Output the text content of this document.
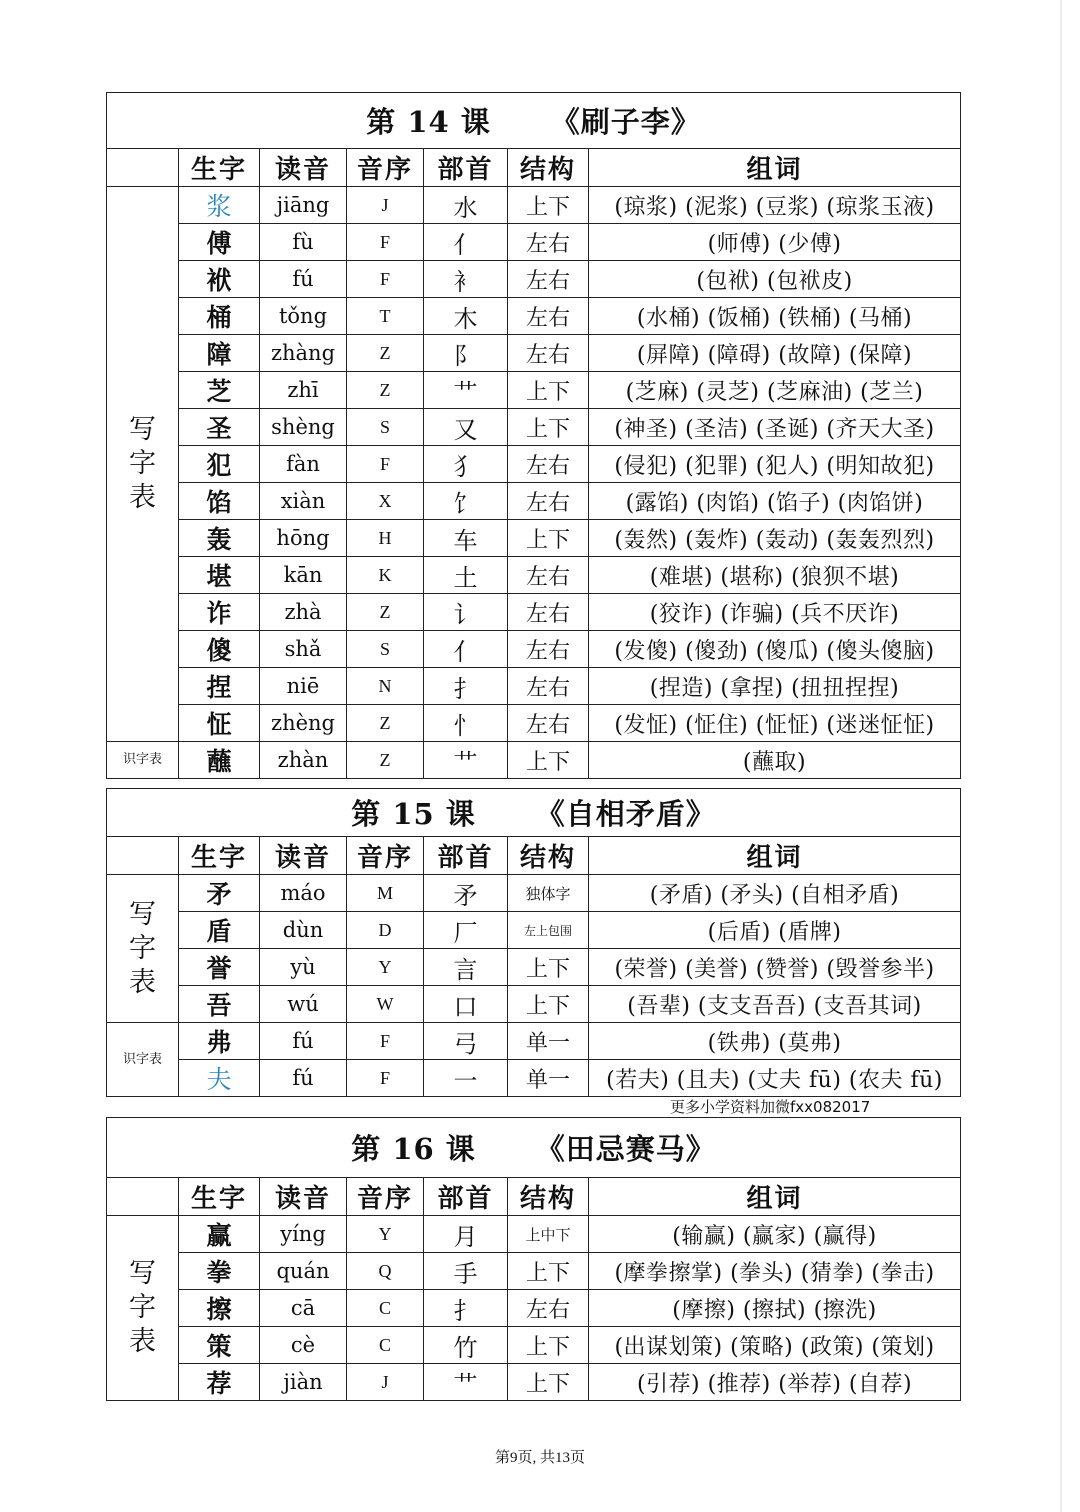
第 14 课 《刷子李》						
	生字	读音	音序	部首	结构	组词
写字表	浆	jiāng	J	水	上下	(琼浆) (泥浆) (豆浆) (琼浆玉液)
	傅	fù	F	亻	左右	(师傅) (少傅)
	袱	fú	F	衤	左右	(包袱) (包袱皮)
	桶	tǒng	T	木	左右	(水桶) (饭桶) (铁桶) (马桶)
	障	zhàng	Z	阝	左右	(屏障) (障碍) (故障) (保障)
	芝	zhī	Z	艹	上下	(芝麻) (灵芝) (芝麻油) (芝兰)
	圣	shèng	S	又	上下	(神圣) (圣洁) (圣诞) (齐天大圣)
	犯	fàn	F	犭	左右	(侵犯) (犯罪) (犯人) (明知故犯)
	馅	xiàn	X	饣	左右	(露馅) (肉馅) (馅子) (肉馅饼)
	轰	hōng	H	车	上下	(轰然) (轰炸) (轰动) (轰轰烈烈)
	堪	kān	K	土	左右	(难堪) (堪称) (狼狈不堪)
	诈	zhà	Z	讠	左右	(狡诈) (诈骗) (兵不厌诈)
	傻	shǎ	S	亻	左右	(发傻) (傻劲) (傻瓜) (傻头傻脑)
	捏	niē	N	扌	左右	(捏造) (拿捏) (扭扭捏捏)
	怔	zhèng	Z	忄	左右	(发怔) (怔住) (怔怔) (迷迷怔怔)
识字表	蘸	zhàn	Z	艹	上下	(蘸取)
第 15 课 《自相矛盾》						
	生字	读音	音序	部首	结构	组词
写字表	矛	máo	M	矛	独体字	(矛盾) (矛头) (自相矛盾)
	盾	dùn	D	厂	左上包围	(后盾) (盾牌)
	誉	yù	Y	言	上下	(荣誉) (美誉) (赞誉) (毁誉参半)
	吾	wú	W	口	上下	(吾辈) (支支吾吾) (支吾其词)
识字表	弗	fú	F	弓	单一	(铁弗) (莫弗)
	夫	fú	F	一	单一	(若夫) (且夫) (丈夫 fū) (农夫 fū)
第 16 课 《田忌赛马》						
	生字	读音	音序	部首	结构	组词
写字表	赢	yíng	Y	月	上中下	(输赢) (赢家) (赢得)
	拳	quán	Q	手	上下	(摩拳擦掌) (拳头) (猜拳) (拳击)
	擦	cā	C	扌	左右	(摩擦) (擦拭) (擦洗)
	策	cè	C	竹	上下	(出谋划策) (策略) (政策) (策划)
	荐	jiàn	J	艹	上下	(引荐) (推荐) (举荐) (自荐)
更多小学资料加微fxx082017
第9页, 共13页
